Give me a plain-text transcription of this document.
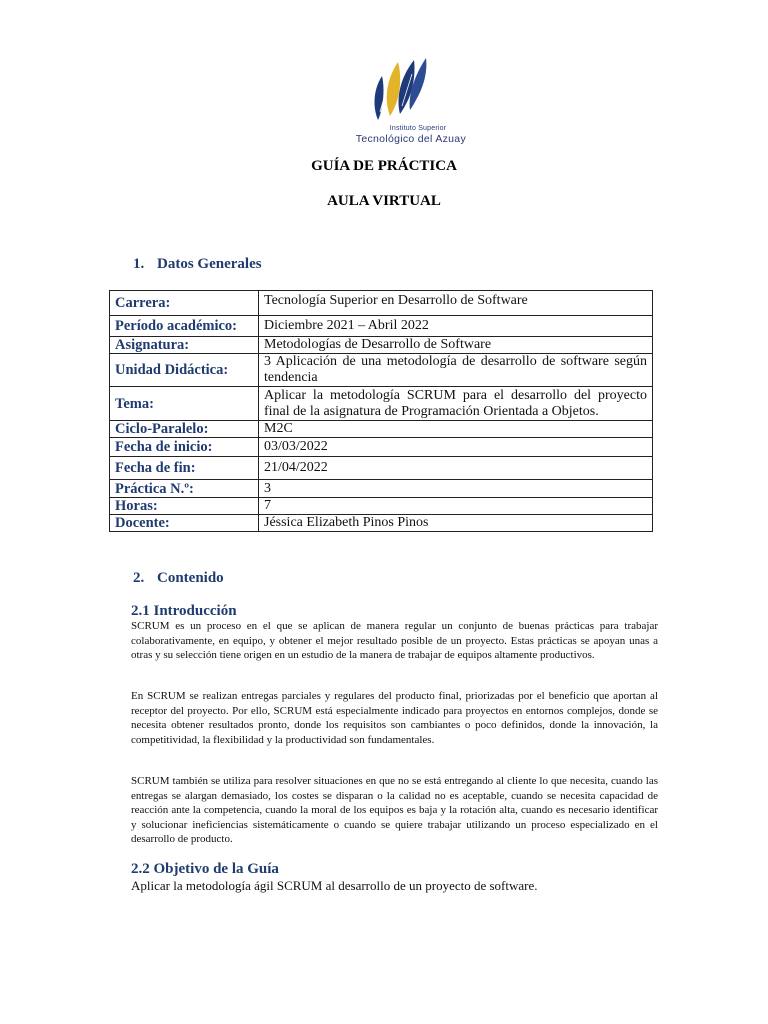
Instituto Superior
Tecnológico del Azuay
GUÍA DE PRÁCTICA
AULA VIRTUAL
1. Datos Generales
Carrera:	Tecnología Superior en Desarrollo de Software
Período académico:	Diciembre 2021 – Abril 2022
Asignatura:	Metodologías de Desarrollo de Software
Unidad Didáctica:	3 Aplicación de una metodología de desarrollo de software según tendencia
Tema:	Aplicar la metodología SCRUM para el desarrollo del proyecto final de la asignatura de Programación Orientada a Objetos.
Ciclo-Paralelo:	M2C
Fecha de inicio:	03/03/2022
Fecha de fin:	21/04/2022
Práctica N.º:	3
Horas:	7
Docente:	Jéssica Elizabeth Pinos Pinos
2. Contenido
2.1 Introducción
SCRUM es un proceso en el que se aplican de manera regular un conjunto de buenas prácticas para trabajar colaborativamente, en equipo, y obtener el mejor resultado posible de un proyecto. Estas prácticas se apoyan unas a otras y su selección tiene origen en un estudio de la manera de trabajar de equipos altamente productivos.
En SCRUM se realizan entregas parciales y regulares del producto final, priorizadas por el beneficio que aportan al receptor del proyecto. Por ello, SCRUM está especialmente indicado para proyectos en entornos complejos, donde se necesita obtener resultados pronto, donde los requisitos son cambiantes o poco definidos, donde la innovación, la competitividad, la flexibilidad y la productividad son fundamentales.
SCRUM también se utiliza para resolver situaciones en que no se está entregando al cliente lo que necesita, cuando las entregas se alargan demasiado, los costes se disparan o la calidad no es aceptable, cuando se necesita capacidad de reacción ante la competencia, cuando la moral de los equipos es baja y la rotación alta, cuando es necesario identificar y solucionar ineficiencias sistemáticamente o cuando se quiere trabajar utilizando un proceso especializado en el desarrollo de producto.
2.2 Objetivo de la Guía
Aplicar la metodología ágil SCRUM al desarrollo de un proyecto de software.
